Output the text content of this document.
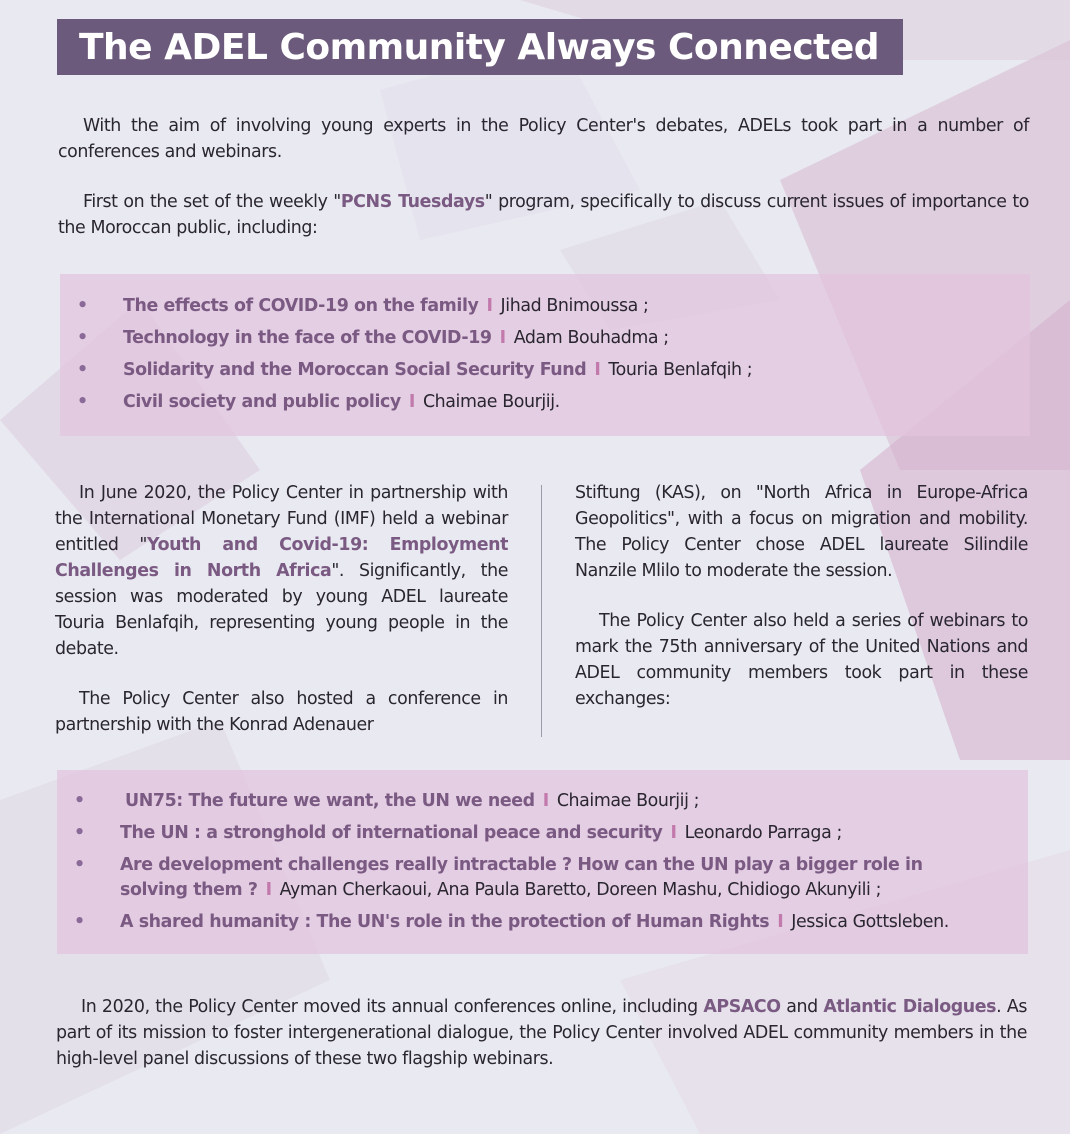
The ADEL Community Always Connected

With the aim of involving young experts in the Policy Center's debates, ADELs took part in a number of conferences and webinars.

First on the set of the weekly "PCNS Tuesdays" program, specifically to discuss current issues of importance to the Moroccan public, including:

• The effects of COVID-19 on the family I Jihad Bnimoussa ;
• Technology in the face of the COVID-19 I Adam Bouhadma ;
• Solidarity and the Moroccan Social Security Fund I Touria Benlafqih ;
• Civil society and public policy I Chaimae Bourjij.

In June 2020, the Policy Center in partnership with the International Monetary Fund (IMF) held a webinar entitled "Youth and Covid-19: Employment Challenges in North Africa". Significantly, the session was moderated by young ADEL laureate Touria Benlafqih, representing young people in the debate.

The Policy Center also hosted a conference in partnership with the Konrad Adenauer

Stiftung (KAS), on "North Africa in Europe-Africa Geopolitics", with a focus on migration and mobility. The Policy Center chose ADEL laureate Silindile Nanzile Mlilo to moderate the session.

The Policy Center also held a series of webinars to mark the 75th anniversary of the United Nations and ADEL community members took part in these exchanges:

• UN75: The future we want, the UN we need I Chaimae Bourjij ;
• The UN : a stronghold of international peace and security I Leonardo Parraga ;
• Are development challenges really intractable ? How can the UN play a bigger role in solving them ? I Ayman Cherkaoui, Ana Paula Baretto, Doreen Mashu, Chidiogo Akunyili ;
• A shared humanity : The UN's role in the protection of Human Rights I Jessica Gottsleben.

In 2020, the Policy Center moved its annual conferences online, including APSACO and Atlantic Dialogues. As part of its mission to foster intergenerational dialogue, the Policy Center involved ADEL community members in the high-level panel discussions of these two flagship webinars.
